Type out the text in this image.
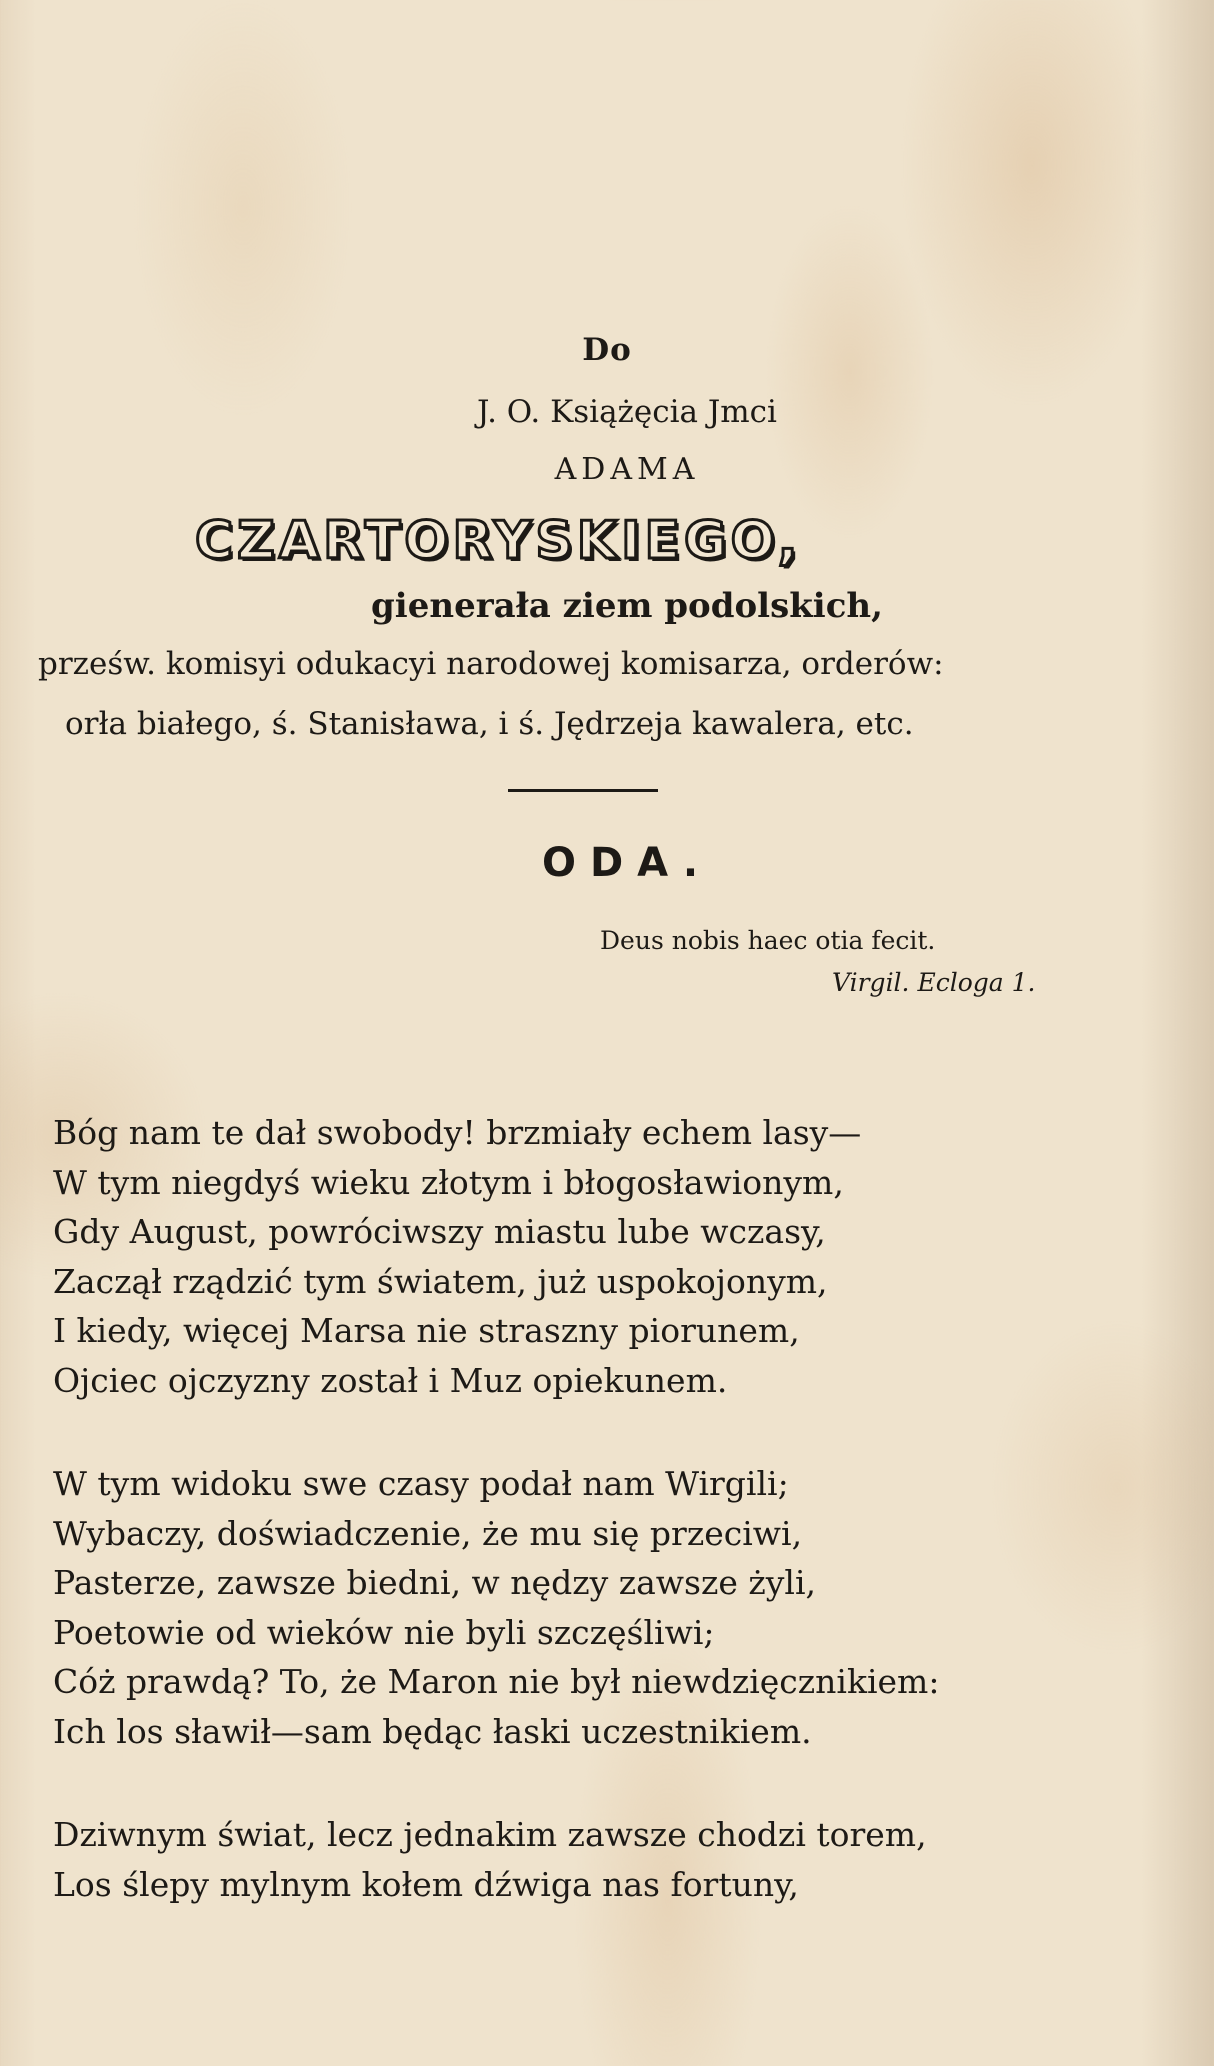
Do
J. O. Książęcia Jmci
ADAMA
CZARTORYSKIEGO,
gienerała ziem podolskich,
prześw. komisyi odukacyi narodowej komisarza, orderów:
orła białego, ś. Stanisława, i ś. Jędrzeja kawalera, etc.
ODA.
Deus nobis haec otia fecit.
Virgil. Ecloga 1.
Bóg nam te dał swobody! brzmiały echem lasy—
W tym niegdyś wieku złotym i błogosławionym,
Gdy August, powróciwszy miastu lube wczasy,
Zaczął rządzić tym światem, już uspokojonym,
I kiedy, więcej Marsa nie straszny piorunem,
Ojciec ojczyzny został i Muz opiekunem.
W tym widoku swe czasy podał nam Wirgili;
Wybaczy, doświadczenie, że mu się przeciwi,
Pasterze, zawsze biedni, w nędzy zawsze żyli,
Poetowie od wieków nie byli szczęśliwi;
Cóż prawdą? To, że Maron nie był niewdzięcznikiem:
Ich los sławił—sam będąc łaski uczestnikiem.
Dziwnym świat, lecz jednakim zawsze chodzi torem,
Los ślepy mylnym kołem dźwiga nas fortuny,
